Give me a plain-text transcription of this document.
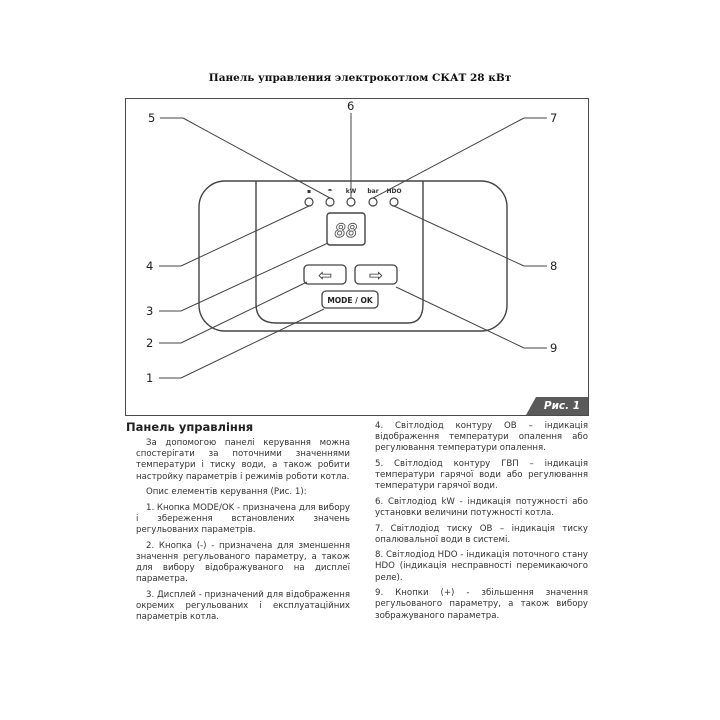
Панель управления электрокотлом СКАТ 28 кВт
▪	☂ kW bar HDO
88
⇦ ⇨
MODE / OK
5
6
7
4	8
3
2	9
1
Рис. 1
Панель управління

За допомогою панелі керування можна спостерігати за поточними значеннями температури і тиску води, а також робити настройку параметрів і режимів роботи котла.

Опис елементів керування (Рис. 1):

1. Кнопка MODE/OK - призначена для вибору і збереження встановлених значень регульованих параметрів.

2. Кнопка (-) - призначена для зменшення значення регульованого параметру, а також для вибору відображуваного на дисплеї параметра.

3. Дисплей - призначений для відображення окремих регульованих і експлуатаційних параметрів котла.

4. Світлодіод контуру ОВ – індикація відображення температури опалення або регулювання температури опалення.

5. Світлодіод контуру ГВП – індикація температури гарячої води або регулювання температури гарячої води.

6. Світлодіод kW - індикація потужності або установки величини потужності котла.

7. Світлодіод тиску ОВ – індикація тиску опалювальної води в системі.

8. Світлодіод HDO - індикація поточного стану HDO (індикація несправності перемикаючого реле).

9. Кнопки (+) - збільшення значення регульованого параметру, а також вибору зображуваного параметра.
